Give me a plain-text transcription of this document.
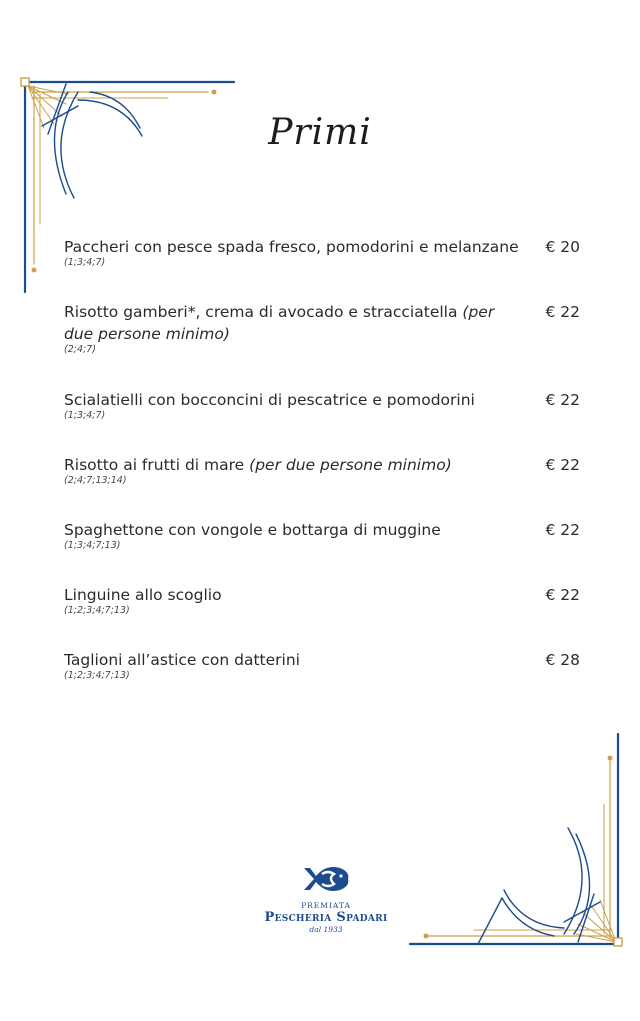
Primi
Paccheri con pesce spada fresco, pomodorini e melanzane
(1;3;4;7)
€ 20
Risotto gamberi*, crema di avocado e stracciatella (per due persone minimo)
(2;4;7)
€ 22
Scialatielli con bocconcini di pescatrice e pomodorini
(1;3;4;7)
€ 22
Risotto ai frutti di mare (per due persone minimo)
(2;4;7;13;14)
€ 22
Spaghettone con vongole e bottarga di muggine
(1;3;4;7;13)
€ 22
Linguine allo scoglio
(1;2;3;4;7;13)
€ 22
Taglioni all’astice con datterini
(1;2;3;4;7;13)
€ 28
PREMIATA
Pescheria Spadari
dal 1933
